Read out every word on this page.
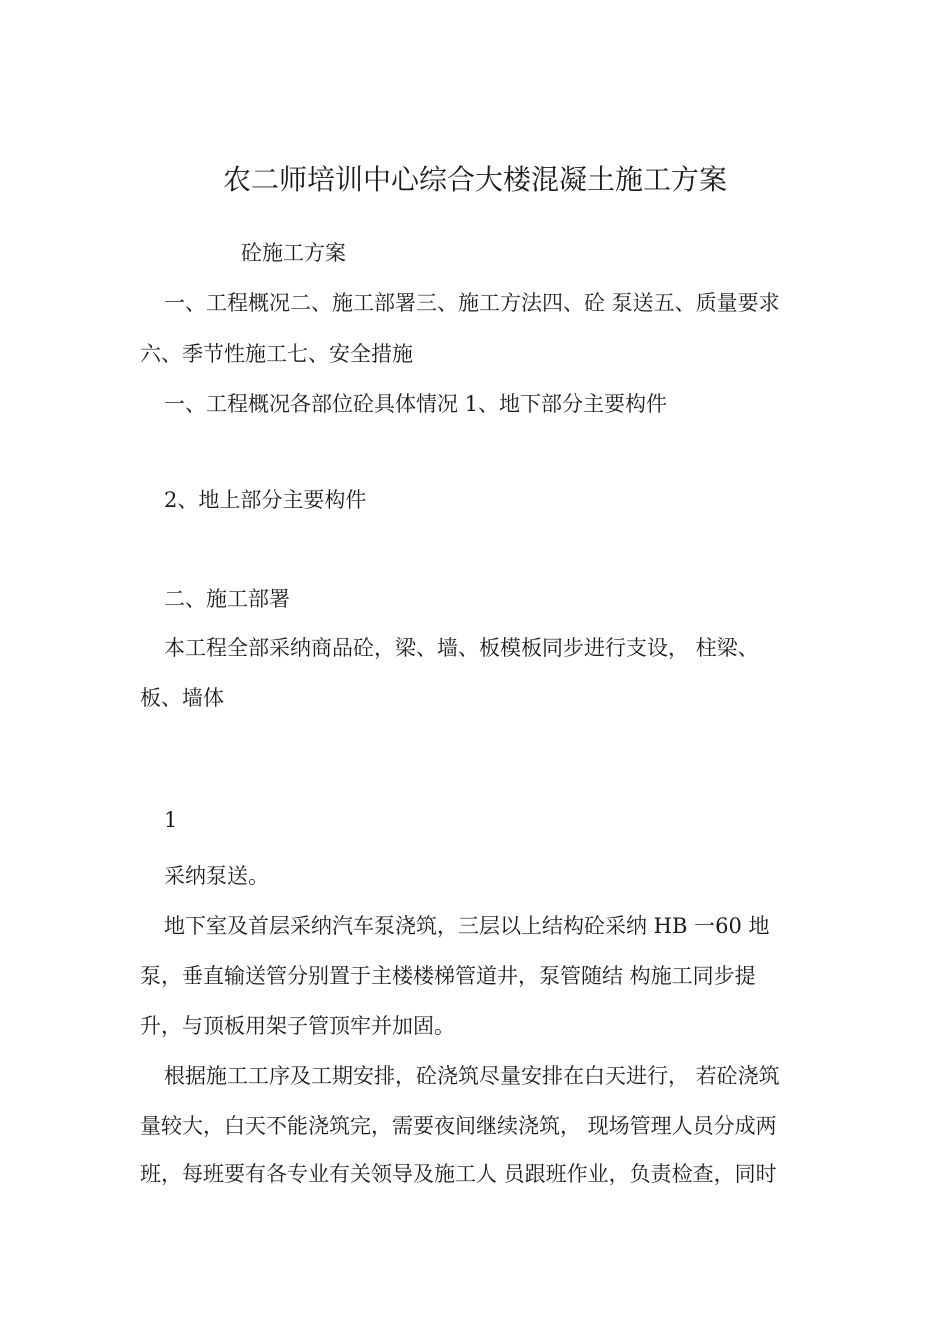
农二师培训中心综合大楼混凝土施工方案
砼施工方案
一、工程概况二、施工部署三、施工方法四、砼 泵送五、质量要求
六、季节性施工七、安全措施
一、工程概况各部位砼具体情况 1、地下部分主要构件
2、地上部分主要构件
二、施工部署
本工程全部采纳商品砼，梁、墙、板模板同步进行支设， 柱梁、
板、墙体
1
采纳泵送。
地下室及首层采纳汽车泵浇筑，三层以上结构砼采纳 HB 一60 地
泵，垂直输送管分别置于主楼楼梯管道井，泵管随结 构施工同步提
升，与顶板用架子管顶牢并加固。
根据施工工序及工期安排，砼浇筑尽量安排在白天进行， 若砼浇筑
量较大，白天不能浇筑完，需要夜间继续浇筑， 现场管理人员分成两
班，每班要有各专业有关领导及施工人 员跟班作业，负责检查，同时
